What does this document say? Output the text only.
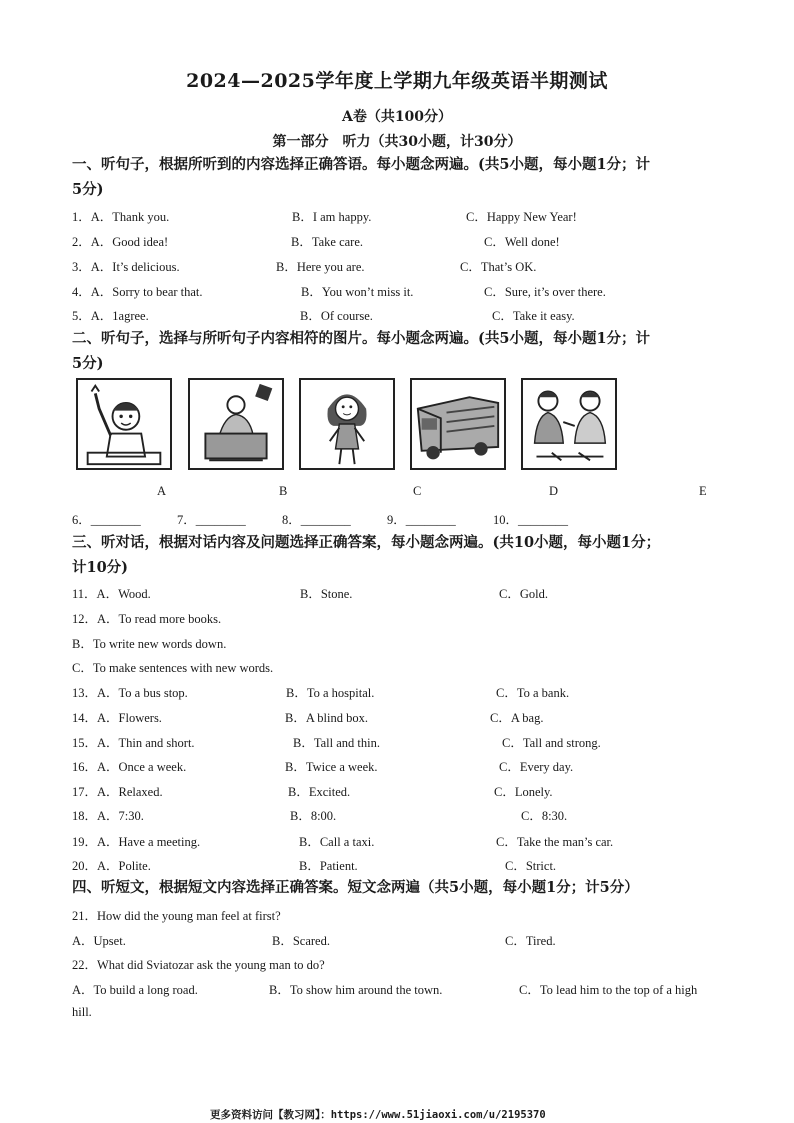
2024—2025学年度上学期九年级英语半期测试
A卷（共100分）
第一部分　听力（共30小题，计30分）
一、听句子，根据所听到的内容选择正确答语。每小题念两遍。(共5小题，每小题1分；计
5分)
1．A．Thank you.	B．I am happy.	C．Happy New Year!
2．A．Good idea!	B．Take care.	C．Well done!
3．A．It’s delicious.	B．Here you are.	C．That’s OK.
4．A．Sorry to bear that.	B．You won’t miss it.	C．Sure, it’s over there.
5．A．1agree.	B．Of course.	C．Take it easy.
二、听句子，选择与所听句子内容相符的图片。每小题念两遍。(共5小题，每小题1分；计
5分)
A	B	C	D	E
6．________	7．________	8．________	9．________	10．________
三、听对话，根据对话内容及问题选择正确答案，每小题念两遍。(共10小题，每小题1分；
计10分)
11．A．Wood.	B．Stone.	C．Gold.
12．A．To read more books.
B．To write new words down.
C．To make sentences with new words.
13．A．To a bus stop.	B．To a hospital.	C．To a bank.
14．A．Flowers.	B．A blind box.	C．A bag.
15．A．Thin and short.	B．Tall and thin.	C．Tall and strong.
16．A．Once a week.	B．Twice a week.	C．Every day.
17．A．Relaxed.	B．Excited.	C．Lonely.
18．A．7:30.	B．8:00.	C．8:30.
19．A．Have a meeting.	B．Call a taxi.	C．Take the man’s car.
20．A．Polite.	B．Patient.	C．Strict.
四、听短文，根据短文内容选择正确答案。短文念两遍（共5小题，每小题1分；计5分）
21．How did the young man feel at first?
A．Upset.	B．Scared.	C．Tired.
22．What did Sviatozar ask the young man to do?
A．To build a long road.	B．To show him around the town.	C．To lead him to the top of a high
hill.
更多资料访问【教习网】：https://www.51jiaoxi.com/u/2195370
